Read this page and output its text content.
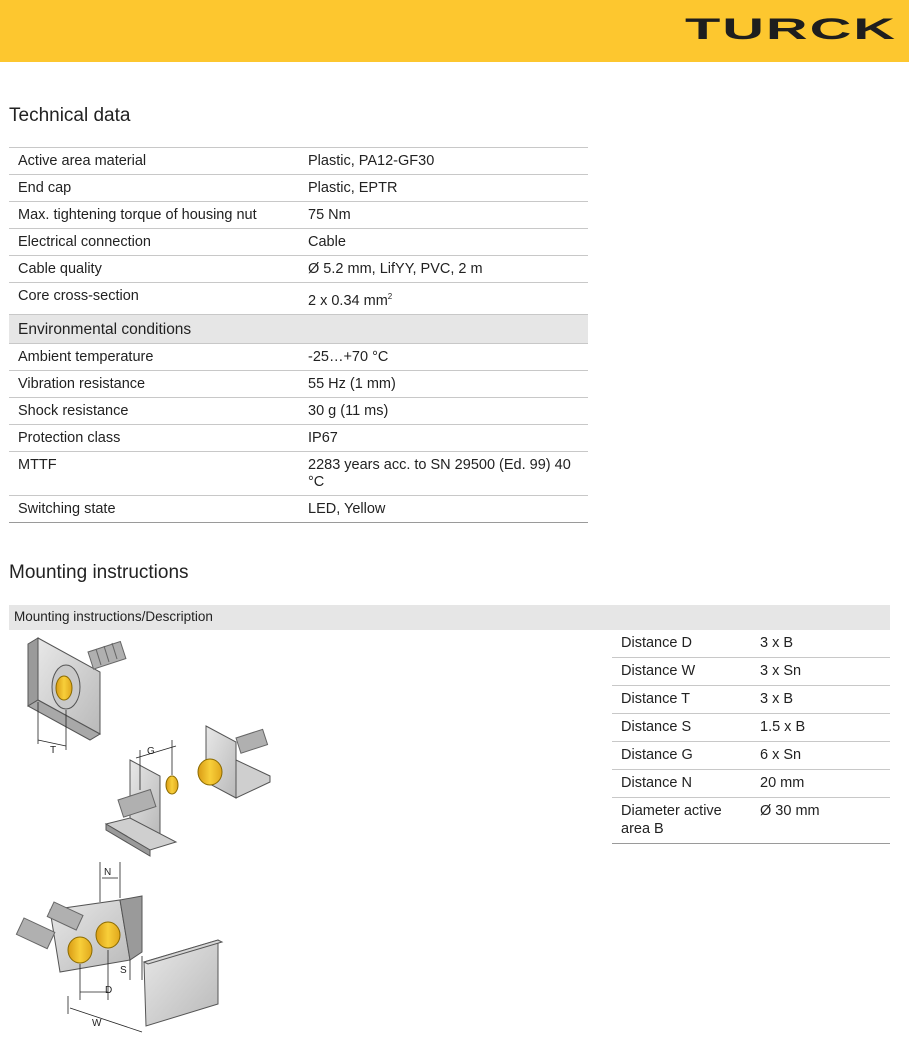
TURCK
Technical data
Active area material	Plastic, PA12-GF30
End cap	Plastic, EPTR
Max. tightening torque of housing nut	75 Nm
Electrical connection	Cable
Cable quality	Ø 5.2 mm, LifYY, PVC, 2 m
Core cross-section	2 x 0.34 $mm^2$
Environmental conditions	
Ambient temperature	-25…+70 °C
Vibration resistance	55 Hz (1 mm)
Shock resistance	30 g (11 ms)
Protection class	IP67
MTTF	2283 years acc. to SN 29500 (Ed. 99) 40 °C
Switching state	LED, Yellow
Mounting instructions
Mounting instructions/Description
Distance D	3 x B
Distance W	3 x Sn
Distance T	3 x B
Distance S	1.5 x B
Distance G	6 x Sn
Distance N	20 mm
Diameter active area B	Ø 30 mm
T	G
N
S
D
W
